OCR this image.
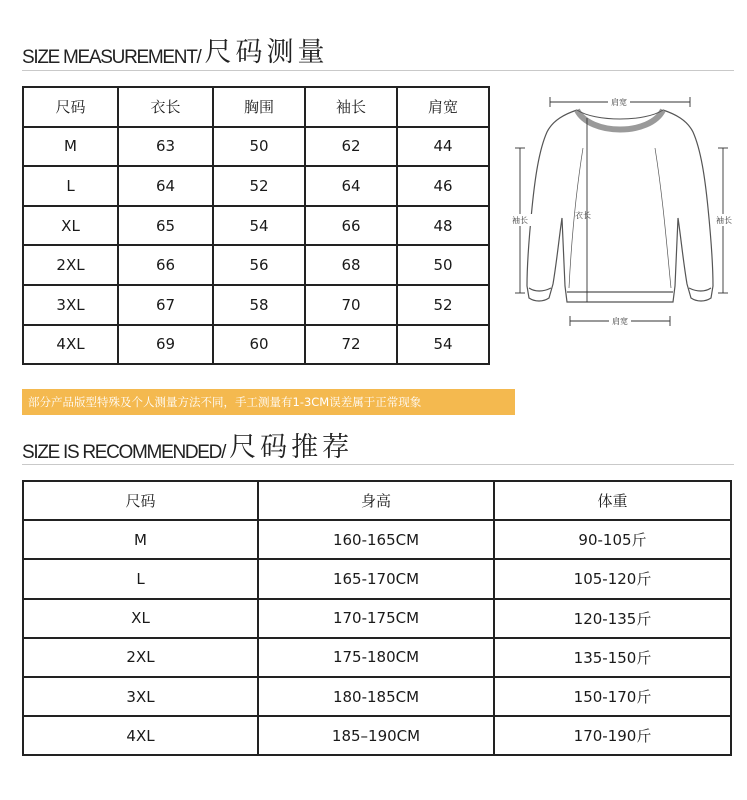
SIZE MEASUREMENT/ 尺码测量
尺码	衣长	胸围	袖长	肩宽
M	63	50	62	44
L	64	52	64	46
XL	65	54	66	48
2XL	66	56	68	50
3XL	67	58	70	52
4XL	69	60	72	54
肩宽
肩宽
袖长	袖长
衣长
部分产品版型特殊及个人测量方法不同，手工测量有1-3CM误差属于正常现象
SIZE IS RECOMMENDED/ 尺码推荐
尺码	身高	体重
M	160-165CM	90-105斤
L	165-170CM	105-120斤
XL	170-175CM	120-135斤
2XL	175-180CM	135-150斤
3XL	180-185CM	150-170斤
4XL	185–190CM	170-190斤
